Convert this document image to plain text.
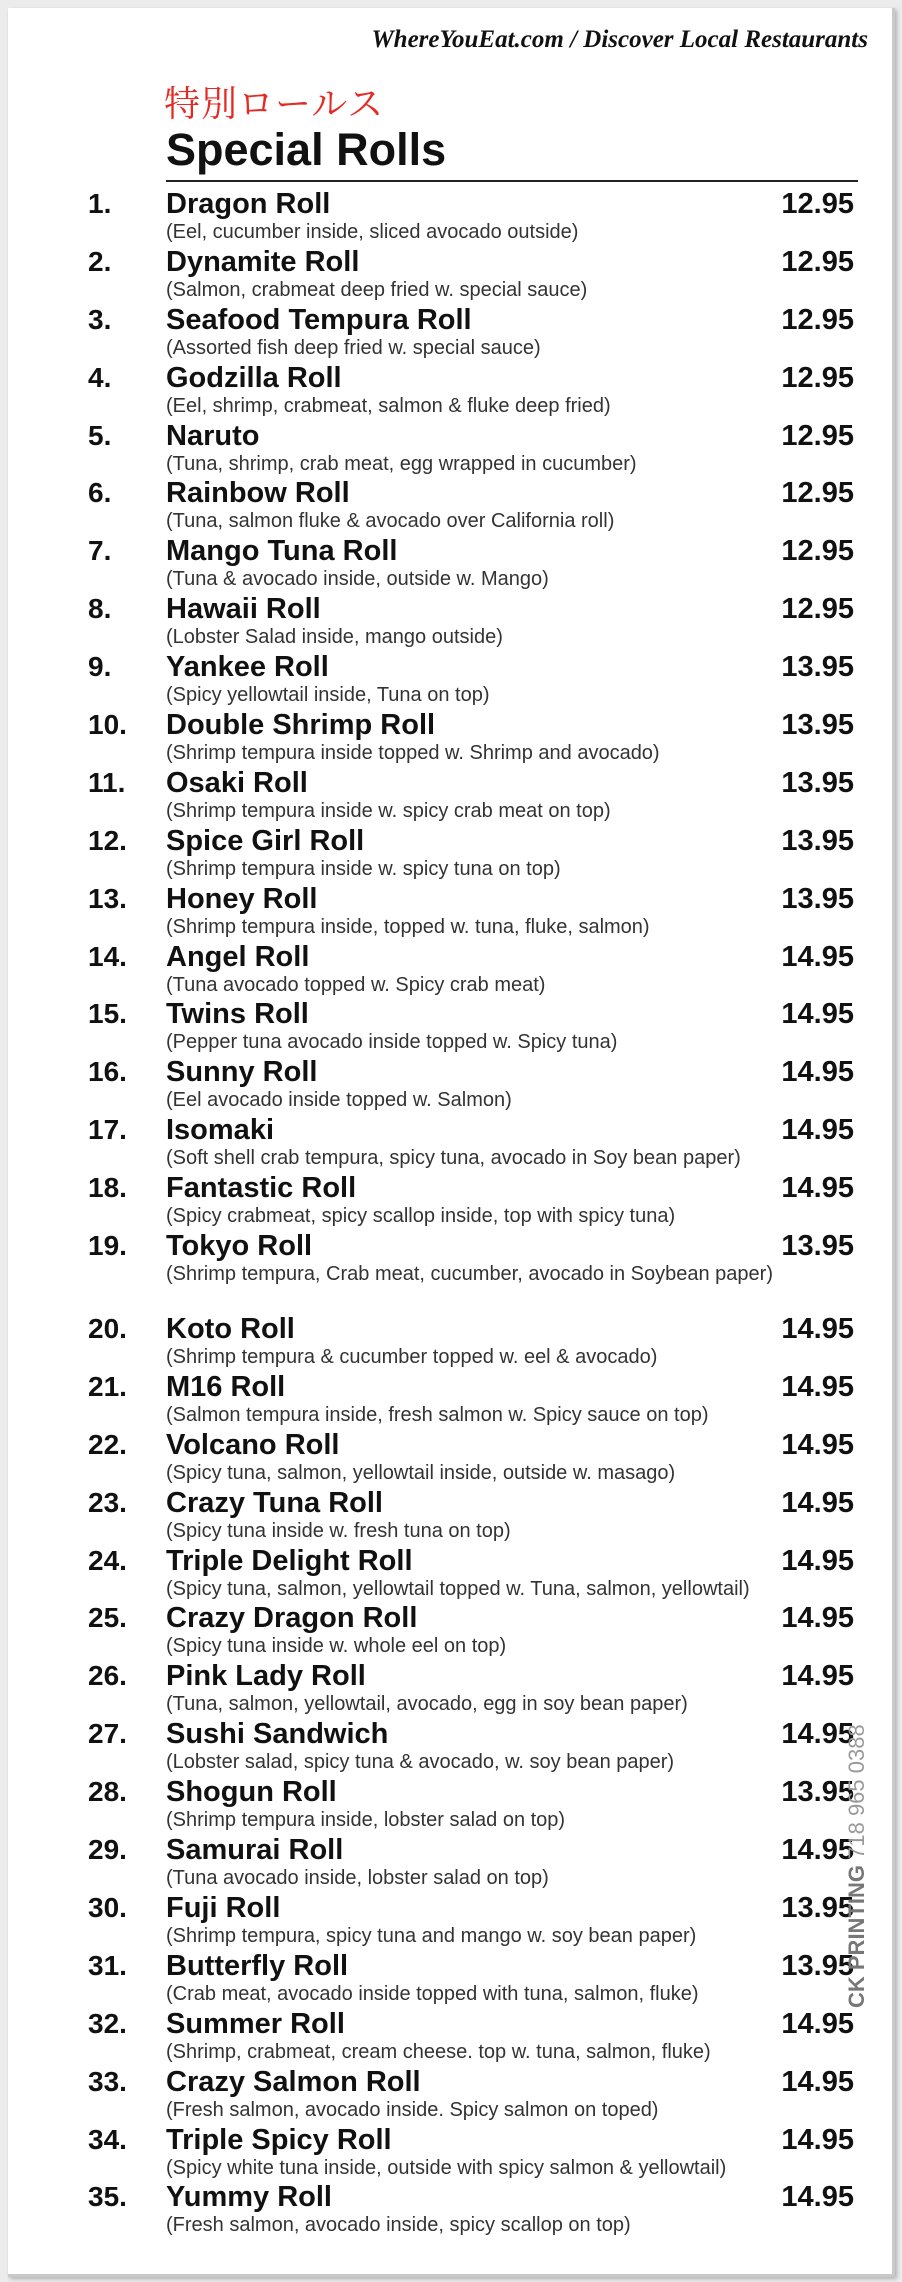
WhereYouEat.com / Discover Local Restaurants
特別ロールス
Special Rolls
1. Dragon Roll	12.95
(Eel, cucumber inside, sliced avocado outside)
2. Dynamite Roll	12.95
(Salmon, crabmeat deep fried w. special sauce)
3. Seafood Tempura Roll	12.95
(Assorted fish deep fried w. special sauce)
4. Godzilla Roll	12.95
(Eel, shrimp, crabmeat, salmon & fluke deep fried)
5. Naruto	12.95
(Tuna, shrimp, crab meat, egg wrapped in cucumber)
6. Rainbow Roll	12.95
(Tuna, salmon fluke & avocado over California roll)
7. Mango Tuna Roll	12.95
(Tuna & avocado inside, outside w. Mango)
8. Hawaii Roll	12.95
(Lobster Salad inside, mango outside)
9. Yankee Roll	13.95
(Spicy yellowtail inside, Tuna on top)
10. Double Shrimp Roll	13.95
(Shrimp tempura inside topped w. Shrimp and avocado)
11. Osaki Roll	13.95
(Shrimp tempura inside w. spicy crab meat on top)
12. Spice Girl Roll	13.95
(Shrimp tempura inside w. spicy tuna on top)
13. Honey Roll	13.95
(Shrimp tempura inside, topped w. tuna, fluke, salmon)
14. Angel Roll	14.95
(Tuna avocado topped w. Spicy crab meat)
15. Twins Roll	14.95
(Pepper tuna avocado inside topped w. Spicy tuna)
16. Sunny Roll	14.95
(Eel avocado inside topped w. Salmon)
17. Isomaki	14.95
(Soft shell crab tempura, spicy tuna, avocado in Soy bean paper)
18. Fantastic Roll	14.95
(Spicy crabmeat, spicy scallop inside, top with spicy tuna)
19. Tokyo Roll	13.95
(Shrimp tempura, Crab meat, cucumber, avocado in Soybean paper)
20. Koto Roll	14.95
(Shrimp tempura & cucumber topped w. eel & avocado)
21. M16 Roll	14.95
(Salmon tempura inside, fresh salmon w. Spicy sauce on top)
22. Volcano Roll	14.95
(Spicy tuna, salmon, yellowtail inside, outside w. masago)
23. Crazy Tuna Roll	14.95
(Spicy tuna inside w. fresh tuna on top)
24. Triple Delight Roll	14.95
(Spicy tuna, salmon, yellowtail topped w. Tuna, salmon, yellowtail)
25. Crazy Dragon Roll	14.95
(Spicy tuna inside w. whole eel on top)
26. Pink Lady Roll	14.95
(Tuna, salmon, yellowtail, avocado, egg in soy bean paper)
27. Sushi Sandwich	14.95
(Lobster salad, spicy tuna & avocado, w. soy bean paper)
28. Shogun Roll	13.95
(Shrimp tempura inside, lobster salad on top)
29. Samurai Roll	14.95
(Tuna avocado inside, lobster salad on top)
30. Fuji Roll	13.95
(Shrimp tempura, spicy tuna and mango w. soy bean paper)
31. Butterfly Roll	13.95
(Crab meat, avocado inside topped with tuna, salmon, fluke)
32. Summer Roll	14.95
(Shrimp, crabmeat, cream cheese. top w. tuna, salmon, fluke)
33. Crazy Salmon Roll	14.95
(Fresh salmon, avocado inside. Spicy salmon on toped)
34. Triple Spicy Roll	14.95
(Spicy white tuna inside, outside with spicy salmon & yellowtail)
35. Yummy Roll	14.95
(Fresh salmon, avocado inside, spicy scallop on top)
CK PRINTING 718 965 0388
